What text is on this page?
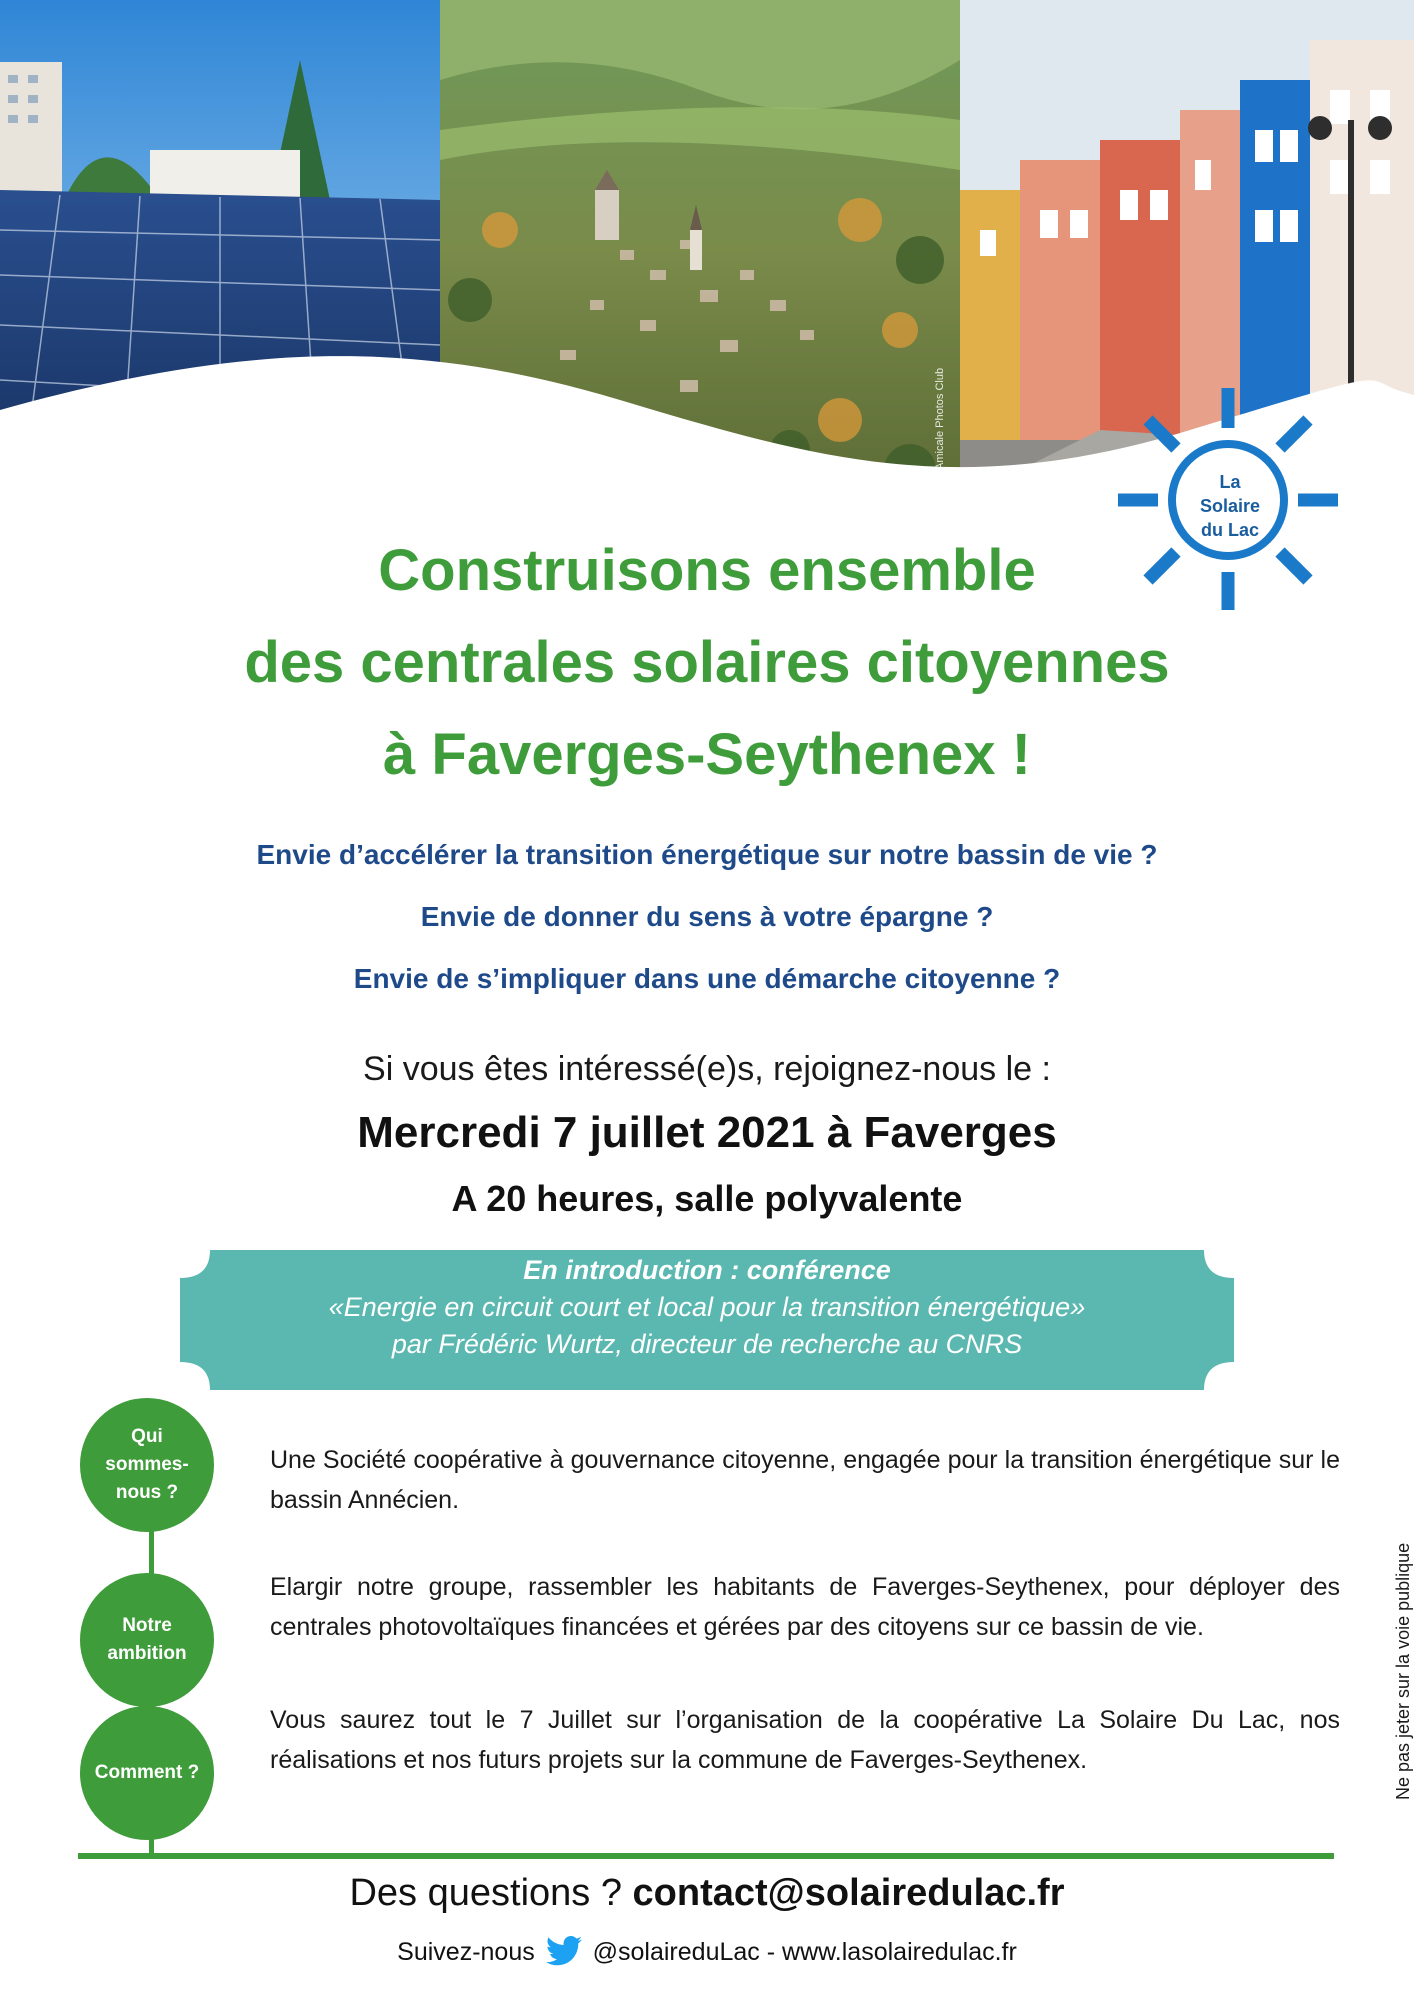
Amicale Photos Club
La
Solaire
du Lac
Construisons ensemble
des centrales solaires citoyennes
à Faverges-Seythenex !
Envie d’accélérer la transition énergétique sur notre bassin de vie ?
Envie de donner du sens à votre épargne ?
Envie de s’impliquer dans une démarche citoyenne ?
Si vous êtes intéressé(e)s, rejoignez-nous le :
Mercredi 7 juillet 2021 à Faverges
A 20 heures, salle polyvalente
En introduction : conférence
«Energie en circuit court et local pour la transition énergétique»
par Frédéric Wurtz, directeur de recherche au CNRS
Qui sommes-nous ?
Notre ambition
Comment ?
Une Société coopérative à gouvernance citoyenne, engagée pour la transition énergétique sur le bassin Annécien.
Elargir notre groupe, rassembler les habitants de Faverges-Seythenex, pour déployer des centrales photovoltaïques financées et gérées par des citoyens sur ce bassin de vie.
Vous saurez tout le 7 Juillet sur l’organisation de la coopérative La Solaire Du Lac, nos réalisations et nos futurs projets sur la commune de Faverges-Seythenex.	Ne pas jeter sur la voie publique
Des questions ? contact@solairedulac.fr
Suivez-nous @solaireduLac - www.lasolairedulac.fr
